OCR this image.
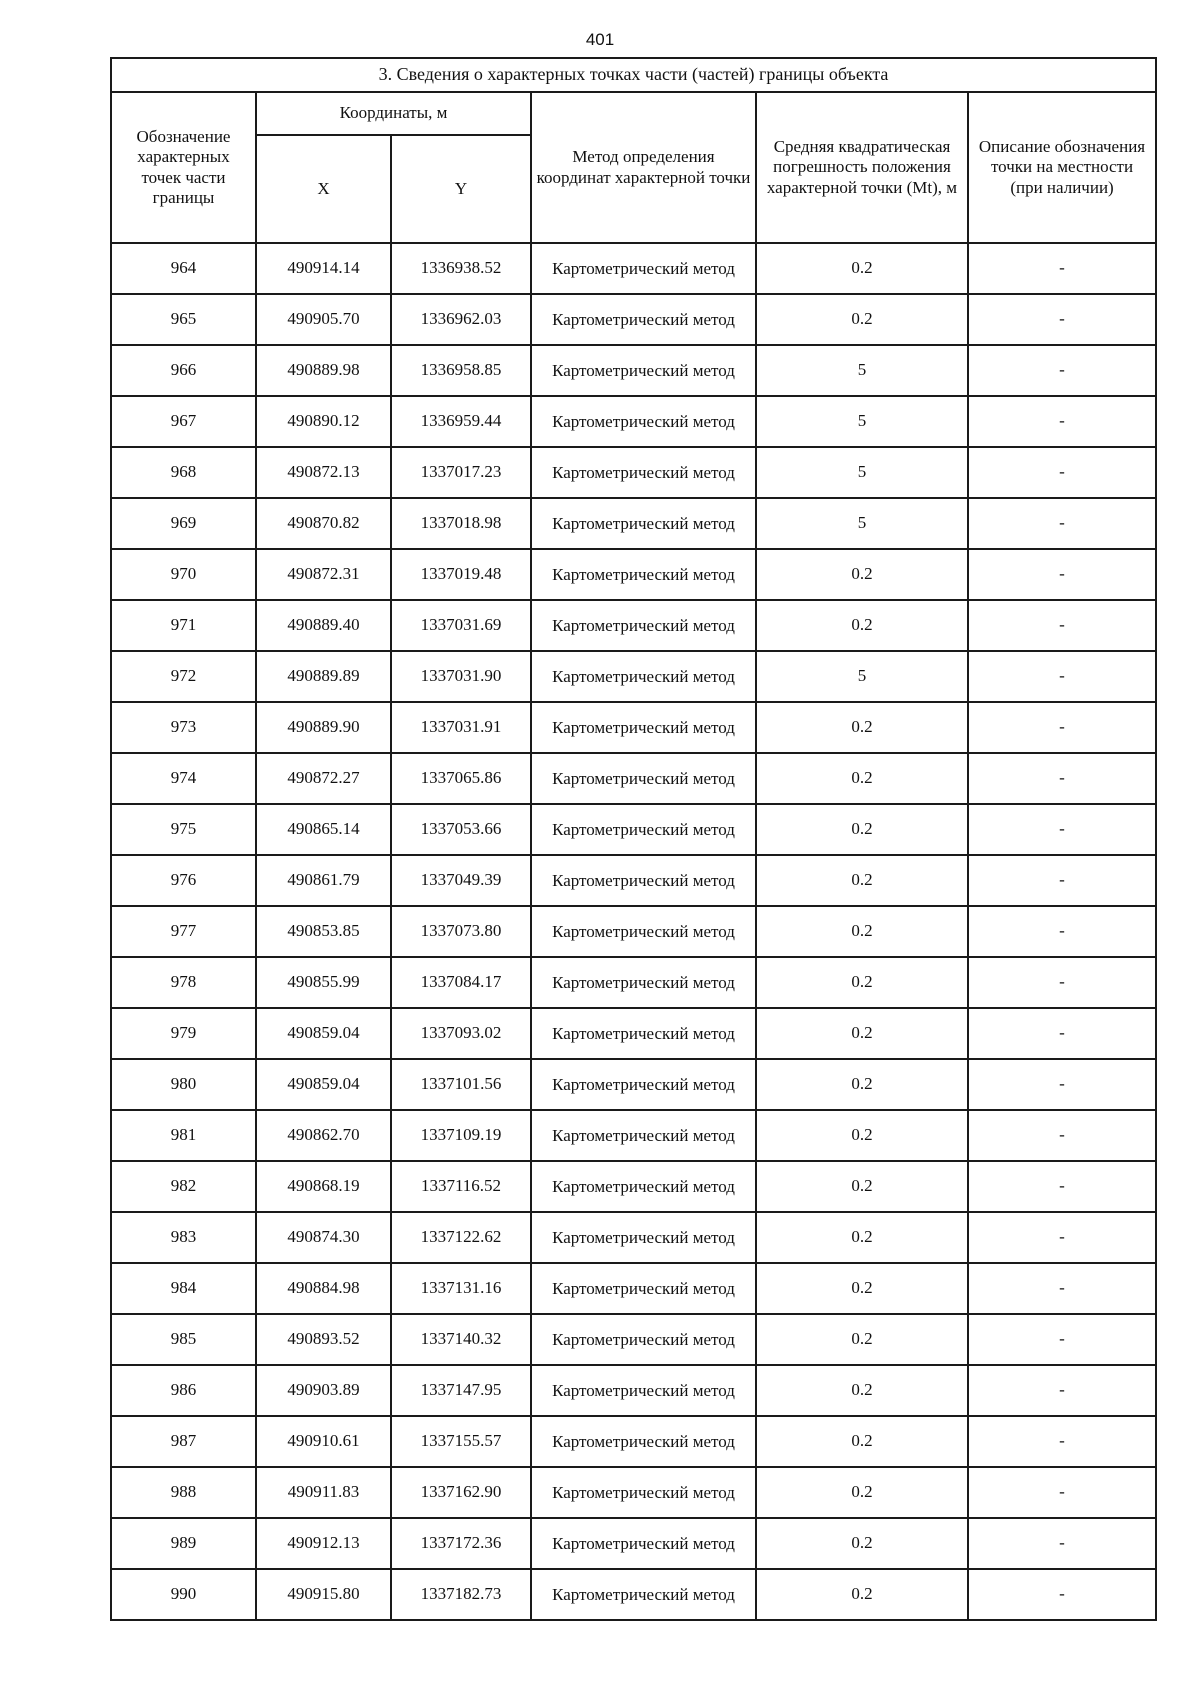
401
3. Сведения о характерных точках части (частей) границы объекта					
Обозначение характерных точек части границы	Координаты, м		Метод определения координат характерной точки	Средняя квадратическая погрешность положения характерной точки (Mt), м	Описание обозначения точки на местности (при наличии)
	X	Y			
964	490914.14	1336938.52	Картометрический метод	0.2	-
965	490905.70	1336962.03	Картометрический метод	0.2	-
966	490889.98	1336958.85	Картометрический метод	5	-
967	490890.12	1336959.44	Картометрический метод	5	-
968	490872.13	1337017.23	Картометрический метод	5	-
969	490870.82	1337018.98	Картометрический метод	5	-
970	490872.31	1337019.48	Картометрический метод	0.2	-
971	490889.40	1337031.69	Картометрический метод	0.2	-
972	490889.89	1337031.90	Картометрический метод	5	-
973	490889.90	1337031.91	Картометрический метод	0.2	-
974	490872.27	1337065.86	Картометрический метод	0.2	-
975	490865.14	1337053.66	Картометрический метод	0.2	-
976	490861.79	1337049.39	Картометрический метод	0.2	-
977	490853.85	1337073.80	Картометрический метод	0.2	-
978	490855.99	1337084.17	Картометрический метод	0.2	-
979	490859.04	1337093.02	Картометрический метод	0.2	-
980	490859.04	1337101.56	Картометрический метод	0.2	-
981	490862.70	1337109.19	Картометрический метод	0.2	-
982	490868.19	1337116.52	Картометрический метод	0.2	-
983	490874.30	1337122.62	Картометрический метод	0.2	-
984	490884.98	1337131.16	Картометрический метод	0.2	-
985	490893.52	1337140.32	Картометрический метод	0.2	-
986	490903.89	1337147.95	Картометрический метод	0.2	-
987	490910.61	1337155.57	Картометрический метод	0.2	-
988	490911.83	1337162.90	Картометрический метод	0.2	-
989	490912.13	1337172.36	Картометрический метод	0.2	-
990	490915.80	1337182.73	Картометрический метод	0.2	-
